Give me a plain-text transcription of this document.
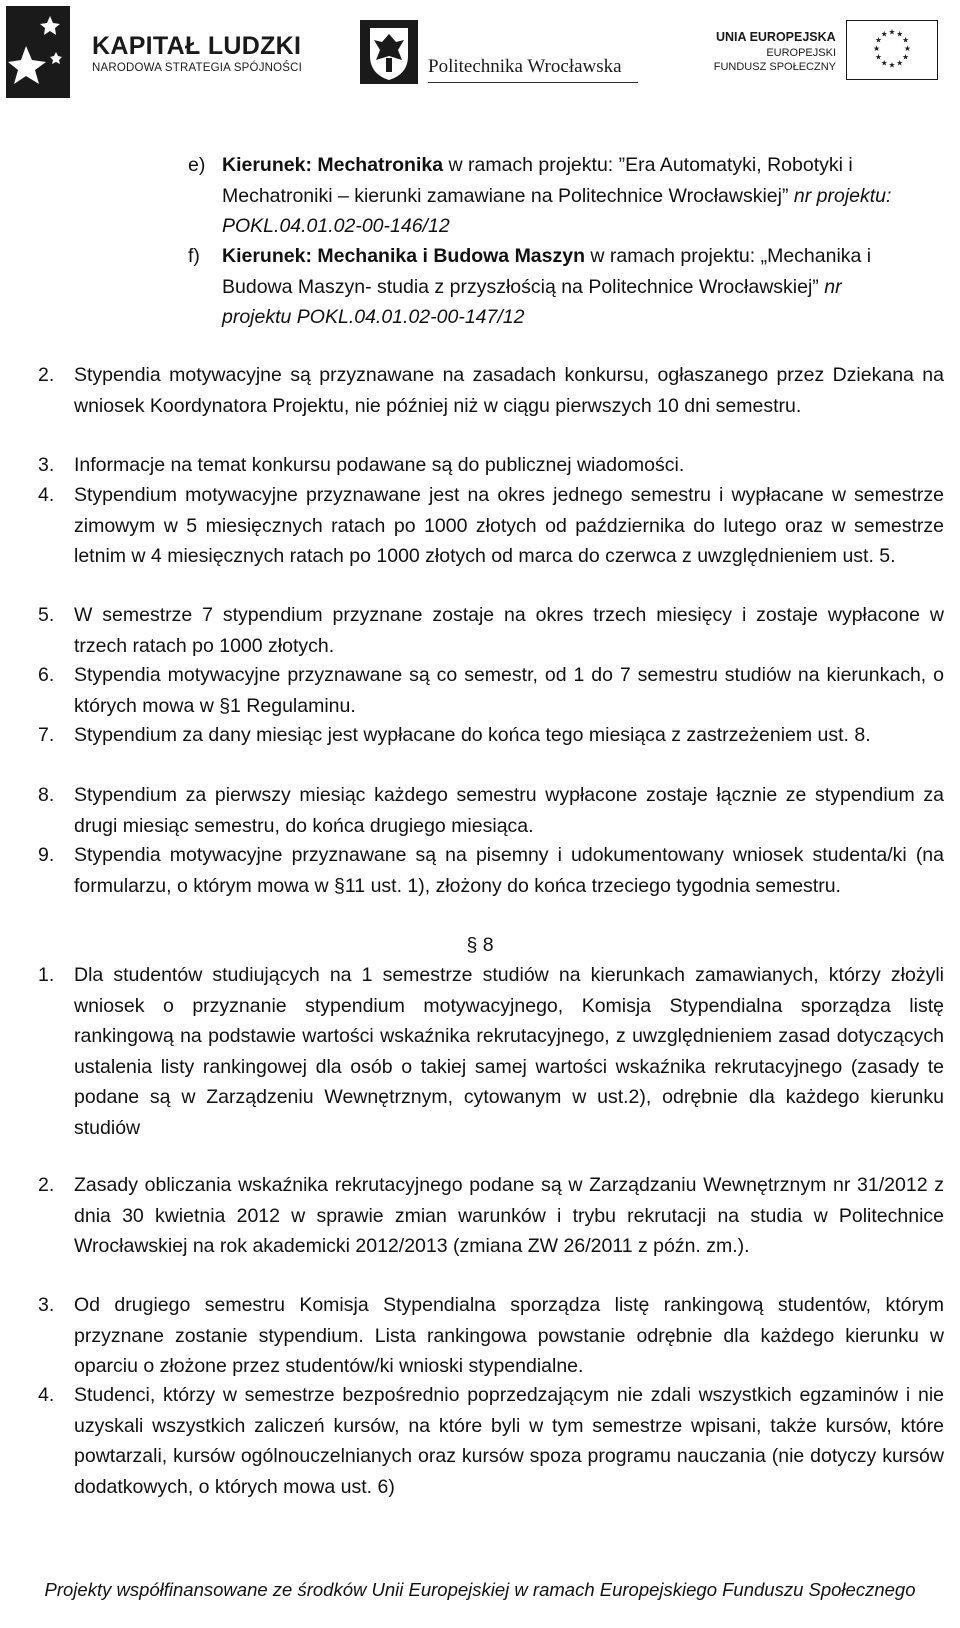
KAPITAŁ LUDZKI
NARODOWA STRATEGIA SPÓJNOŚCI	Politechnika Wrocławska
UNIA EUROPEJSKA
EUROPEJSKI
FUNDUSZ SPOŁECZNY
★ ★
★
★
★
★
★
★
★
★
★
★
e) Kierunek: Mechatronika w ramach projektu: ”Era Automatyki, Robotyki i Mechatroniki – kierunki zamawiane na Politechnice Wrocławskiej” nr projektu: POKL.04.01.02-00-146/12
f)	Kierunek: Mechanika i Budowa Maszyn w ramach projektu: „Mechanika i Budowa Maszyn- studia z przyszłością na Politechnice Wrocławskiej” nr projektu POKL.04.01.02-00-147/12
2.	Stypendia motywacyjne są przyznawane na zasadach konkursu, ogłaszanego przez Dziekana na wniosek Koordynatora Projektu, nie później niż w ciągu pierwszych 10 dni semestru.
3.	Informacje na temat konkursu podawane są do publicznej wiadomości.
4.	Stypendium motywacyjne przyznawane jest na okres jednego semestru i wypłacane w semestrze zimowym w 5 miesięcznych ratach po 1000 złotych od października do lutego oraz w semestrze letnim w 4 miesięcznych ratach po 1000 złotych od marca do czerwca z uwzględnieniem ust. 5.
5.	W semestrze 7 stypendium przyznane zostaje na okres trzech miesięcy i zostaje wypłacone w trzech ratach po 1000 złotych.
6.	Stypendia motywacyjne przyznawane są co semestr, od 1 do 7 semestru studiów na kierunkach, o których mowa w §1 Regulaminu.
7.	Stypendium za dany miesiąc jest wypłacane do końca tego miesiąca z zastrzeżeniem ust. 8.
8.	Stypendium za pierwszy miesiąc każdego semestru wypłacone zostaje łącznie ze stypendium za drugi miesiąc semestru, do końca drugiego miesiąca.
9.	Stypendia motywacyjne przyznawane są na pisemny i udokumentowany wniosek studenta/ki (na formularzu, o którym mowa w §11 ust. 1), złożony do końca trzeciego tygodnia semestru.
§ 8
1.	Dla studentów studiujących na 1 semestrze studiów na kierunkach zamawianych, którzy złożyli wniosek o przyznanie stypendium motywacyjnego, Komisja Stypendialna sporządza listę rankingową na podstawie wartości wskaźnika rekrutacyjnego, z uwzględnieniem zasad dotyczących ustalenia listy rankingowej dla osób o takiej samej wartości wskaźnika rekrutacyjnego (zasady te podane są w Zarządzeniu Wewnętrznym, cytowanym w ust.2), odrębnie dla każdego kierunku studiów
2.	Zasady obliczania wskaźnika rekrutacyjnego podane są w Zarządzaniu Wewnętrznym nr 31/2012 z dnia 30 kwietnia 2012 w sprawie zmian warunków i trybu rekrutacji na studia w Politechnice Wrocławskiej na rok akademicki 2012/2013 (zmiana ZW 26/2011 z późn. zm.).
3.	Od drugiego semestru Komisja Stypendialna sporządza listę rankingową studentów, którym przyznane zostanie stypendium. Lista rankingowa powstanie odrębnie dla każdego kierunku w oparciu o złożone przez studentów/ki wnioski stypendialne.
4.	Studenci, którzy w semestrze bezpośrednio poprzedzającym nie zdali wszystkich egzaminów i nie uzyskali wszystkich zaliczeń kursów, na które byli w tym semestrze wpisani, także kursów, które powtarzali, kursów ogólnouczelnianych oraz kursów spoza programu nauczania (nie dotyczy kursów dodatkowych, o których mowa ust. 6)
Projekty współfinansowane ze środków Unii Europejskiej w ramach Europejskiego Funduszu Społecznego
